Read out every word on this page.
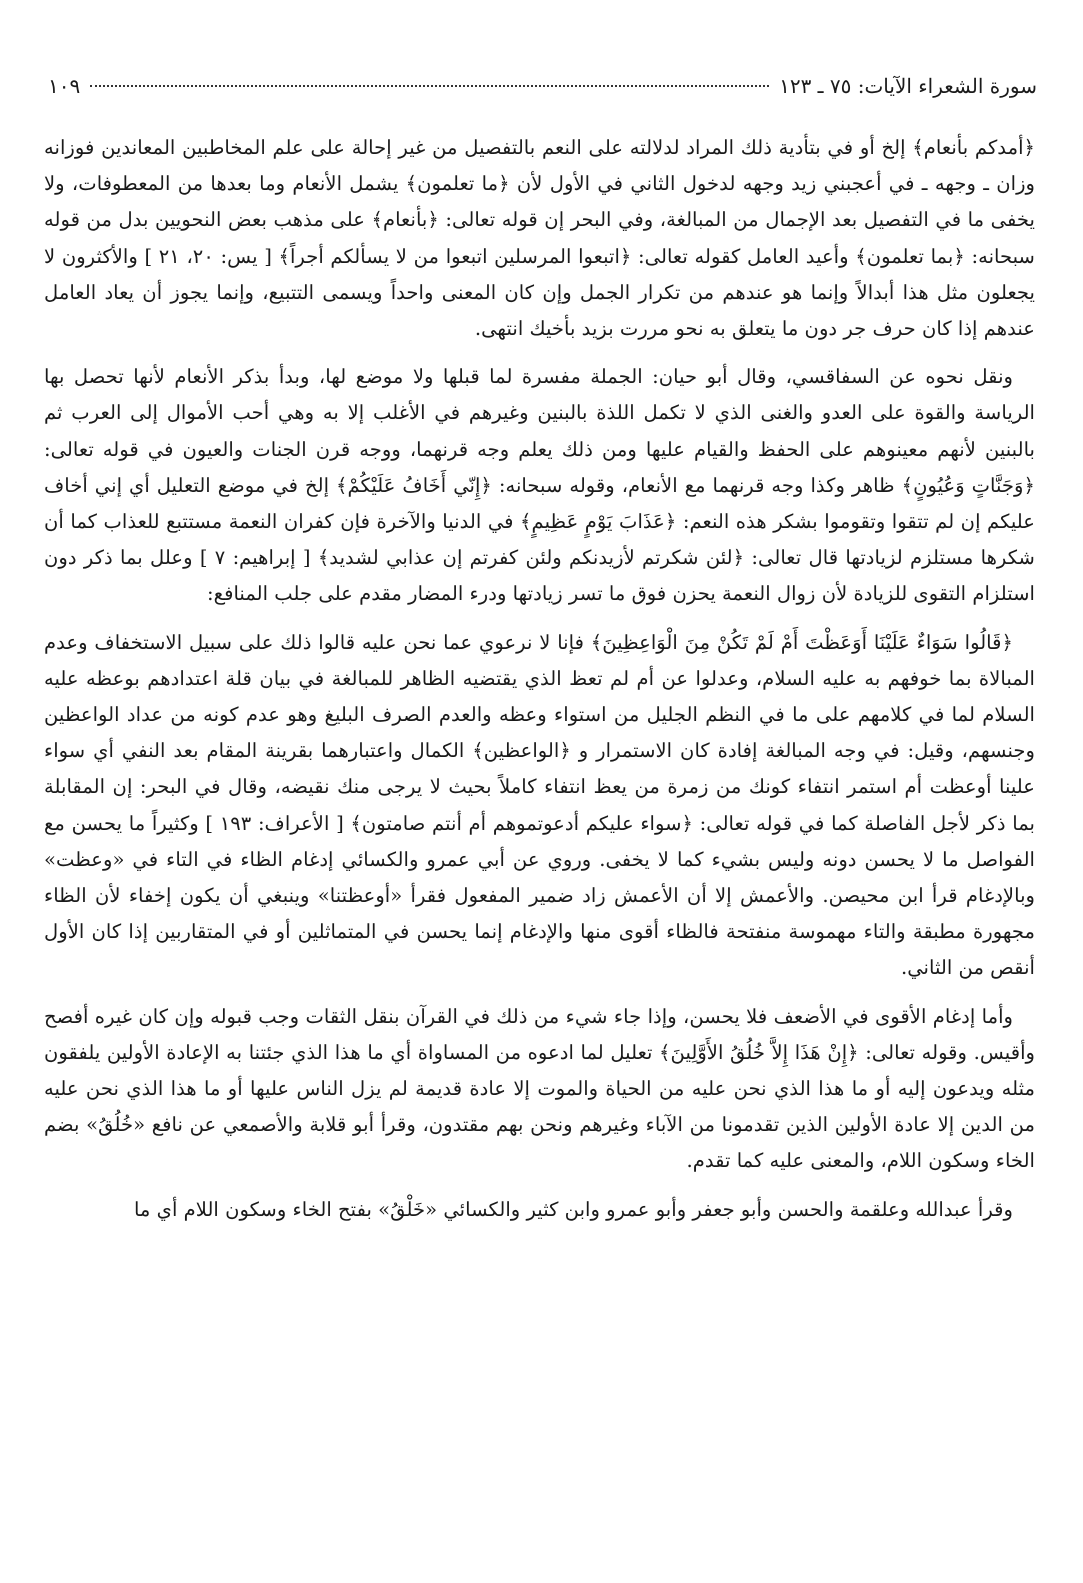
سورة الشعراء الآيات: ٧٥ ـ ١٢٣
١٠٩

﴿أمدكم بأنعام﴾ إلخ أو في بتأدية ذلك المراد لدلالته على النعم بالتفصيل من غير إحالة على علم المخاطبين المعاندين فوزانه وزان ـ وجهه ـ في أعجبني زيد وجهه لدخول الثاني في الأول لأن ﴿ما تعلمون﴾ يشمل الأنعام وما بعدها من المعطوفات، ولا يخفى ما في التفصيل بعد الإجمال من المبالغة، وفي البحر إن قوله تعالى: ﴿بأنعام﴾ على مذهب بعض النحويين بدل من قوله سبحانه: ﴿بما تعلمون﴾ وأعيد العامل كقوله تعالى: ﴿اتبعوا المرسلين اتبعوا من لا يسألكم أجراً﴾ [ يس: ٢٠، ٢١ ] والأكثرون لا يجعلون مثل هذا أبدالاً وإنما هو عندهم من تكرار الجمل وإن كان المعنى واحداً ويسمى التتبيع، وإنما يجوز أن يعاد العامل عندهم إذا كان حرف جر دون ما يتعلق به نحو مررت بزيد بأخيك انتهى.

ونقل نحوه عن السفاقسي، وقال أبو حيان: الجملة مفسرة لما قبلها ولا موضع لها، وبدأ بذكر الأنعام لأنها تحصل بها الرياسة والقوة على العدو والغنى الذي لا تكمل اللذة بالبنين وغيرهم في الأغلب إلا به وهي أحب الأموال إلى العرب ثم بالبنين لأنهم معينوهم على الحفظ والقيام عليها ومن ذلك يعلم وجه قرنهما، ووجه قرن الجنات والعيون في قوله تعالى: ﴿وَجَنَّاتٍ وَعُيُونٍ﴾ ظاهر وكذا وجه قرنهما مع الأنعام، وقوله سبحانه: ﴿إِنّي أَخَافُ عَلَيْكُمْ﴾ إلخ في موضع التعليل أي إني أخاف عليكم إن لم تتقوا وتقوموا بشكر هذه النعم: ﴿عَذَابَ يَوْمٍ عَظِيمٍ﴾ في الدنيا والآخرة فإن كفران النعمة مستتبع للعذاب كما أن شكرها مستلزم لزيادتها قال تعالى: ﴿لئن شكرتم لأزيدنكم ولئن كفرتم إن عذابي لشديد﴾ [ إبراهيم: ٧ ] وعلل بما ذكر دون استلزام التقوى للزيادة لأن زوال النعمة يحزن فوق ما تسر زيادتها ودرء المضار مقدم على جلب المنافع:

﴿قَالُوا سَوَاءٌ عَلَيْنَا أَوَعَظْتَ أَمْ لَمْ تَكُنْ مِنَ الْوَاعِظِينَ﴾ فإنا لا نرعوي عما نحن عليه قالوا ذلك على سبيل الاستخفاف وعدم المبالاة بما خوفهم به عليه السلام، وعدلوا عن أم لم تعظ الذي يقتضيه الظاهر للمبالغة في بيان قلة اعتدادهم بوعظه عليه السلام لما في كلامهم على ما في النظم الجليل من استواء وعظه والعدم الصرف البليغ وهو عدم كونه من عداد الواعظين وجنسهم، وقيل: في وجه المبالغة إفادة كان الاستمرار و ﴿الواعظين﴾ الكمال واعتبارهما بقرينة المقام بعد النفي أي سواء علينا أوعظت أم استمر انتفاء كونك من زمرة من يعظ انتفاء كاملاً بحيث لا يرجى منك نقيضه، وقال في البحر: إن المقابلة بما ذكر لأجل الفاصلة كما في قوله تعالى: ﴿سواء عليكم أدعوتموهم أم أنتم صامتون﴾ [ الأعراف: ١٩٣ ] وكثيراً ما يحسن مع الفواصل ما لا يحسن دونه وليس بشيء كما لا يخفى. وروي عن أبي عمرو والكسائي إدغام الظاء في التاء في «وعظت» وبالإدغام قرأ ابن محيصن. والأعمش إلا أن الأعمش زاد ضمير المفعول فقرأ «أوعظتنا» وينبغي أن يكون إخفاء لأن الظاء مجهورة مطبقة والتاء مهموسة منفتحة فالظاء أقوى منها والإدغام إنما يحسن في المتماثلين أو في المتقاربين إذا كان الأول أنقص من الثاني.

وأما إدغام الأقوى في الأضعف فلا يحسن، وإذا جاء شيء من ذلك في القرآن بنقل الثقات وجب قبوله وإن كان غيره أفصح وأقيس. وقوله تعالى: ﴿إِنْ هَذَا إِلاَّ خُلُقُ الأَوَّلِينَ﴾ تعليل لما ادعوه من المساواة أي ما هذا الذي جئتنا به الإعادة الأولين يلفقون مثله ويدعون إليه أو ما هذا الذي نحن عليه من الحياة والموت إلا عادة قديمة لم يزل الناس عليها أو ما هذا الذي نحن عليه من الدين إلا عادة الأولين الذين تقدمونا من الآباء وغيرهم ونحن بهم مقتدون، وقرأ أبو قلابة والأصمعي عن نافع «خُلُقُ» بضم الخاء وسكون اللام، والمعنى عليه كما تقدم.

وقرأ عبدالله وعلقمة والحسن وأبو جعفر وأبو عمرو وابن كثير والكسائي «خَلْقُ» بفتح الخاء وسكون اللام أي ما
